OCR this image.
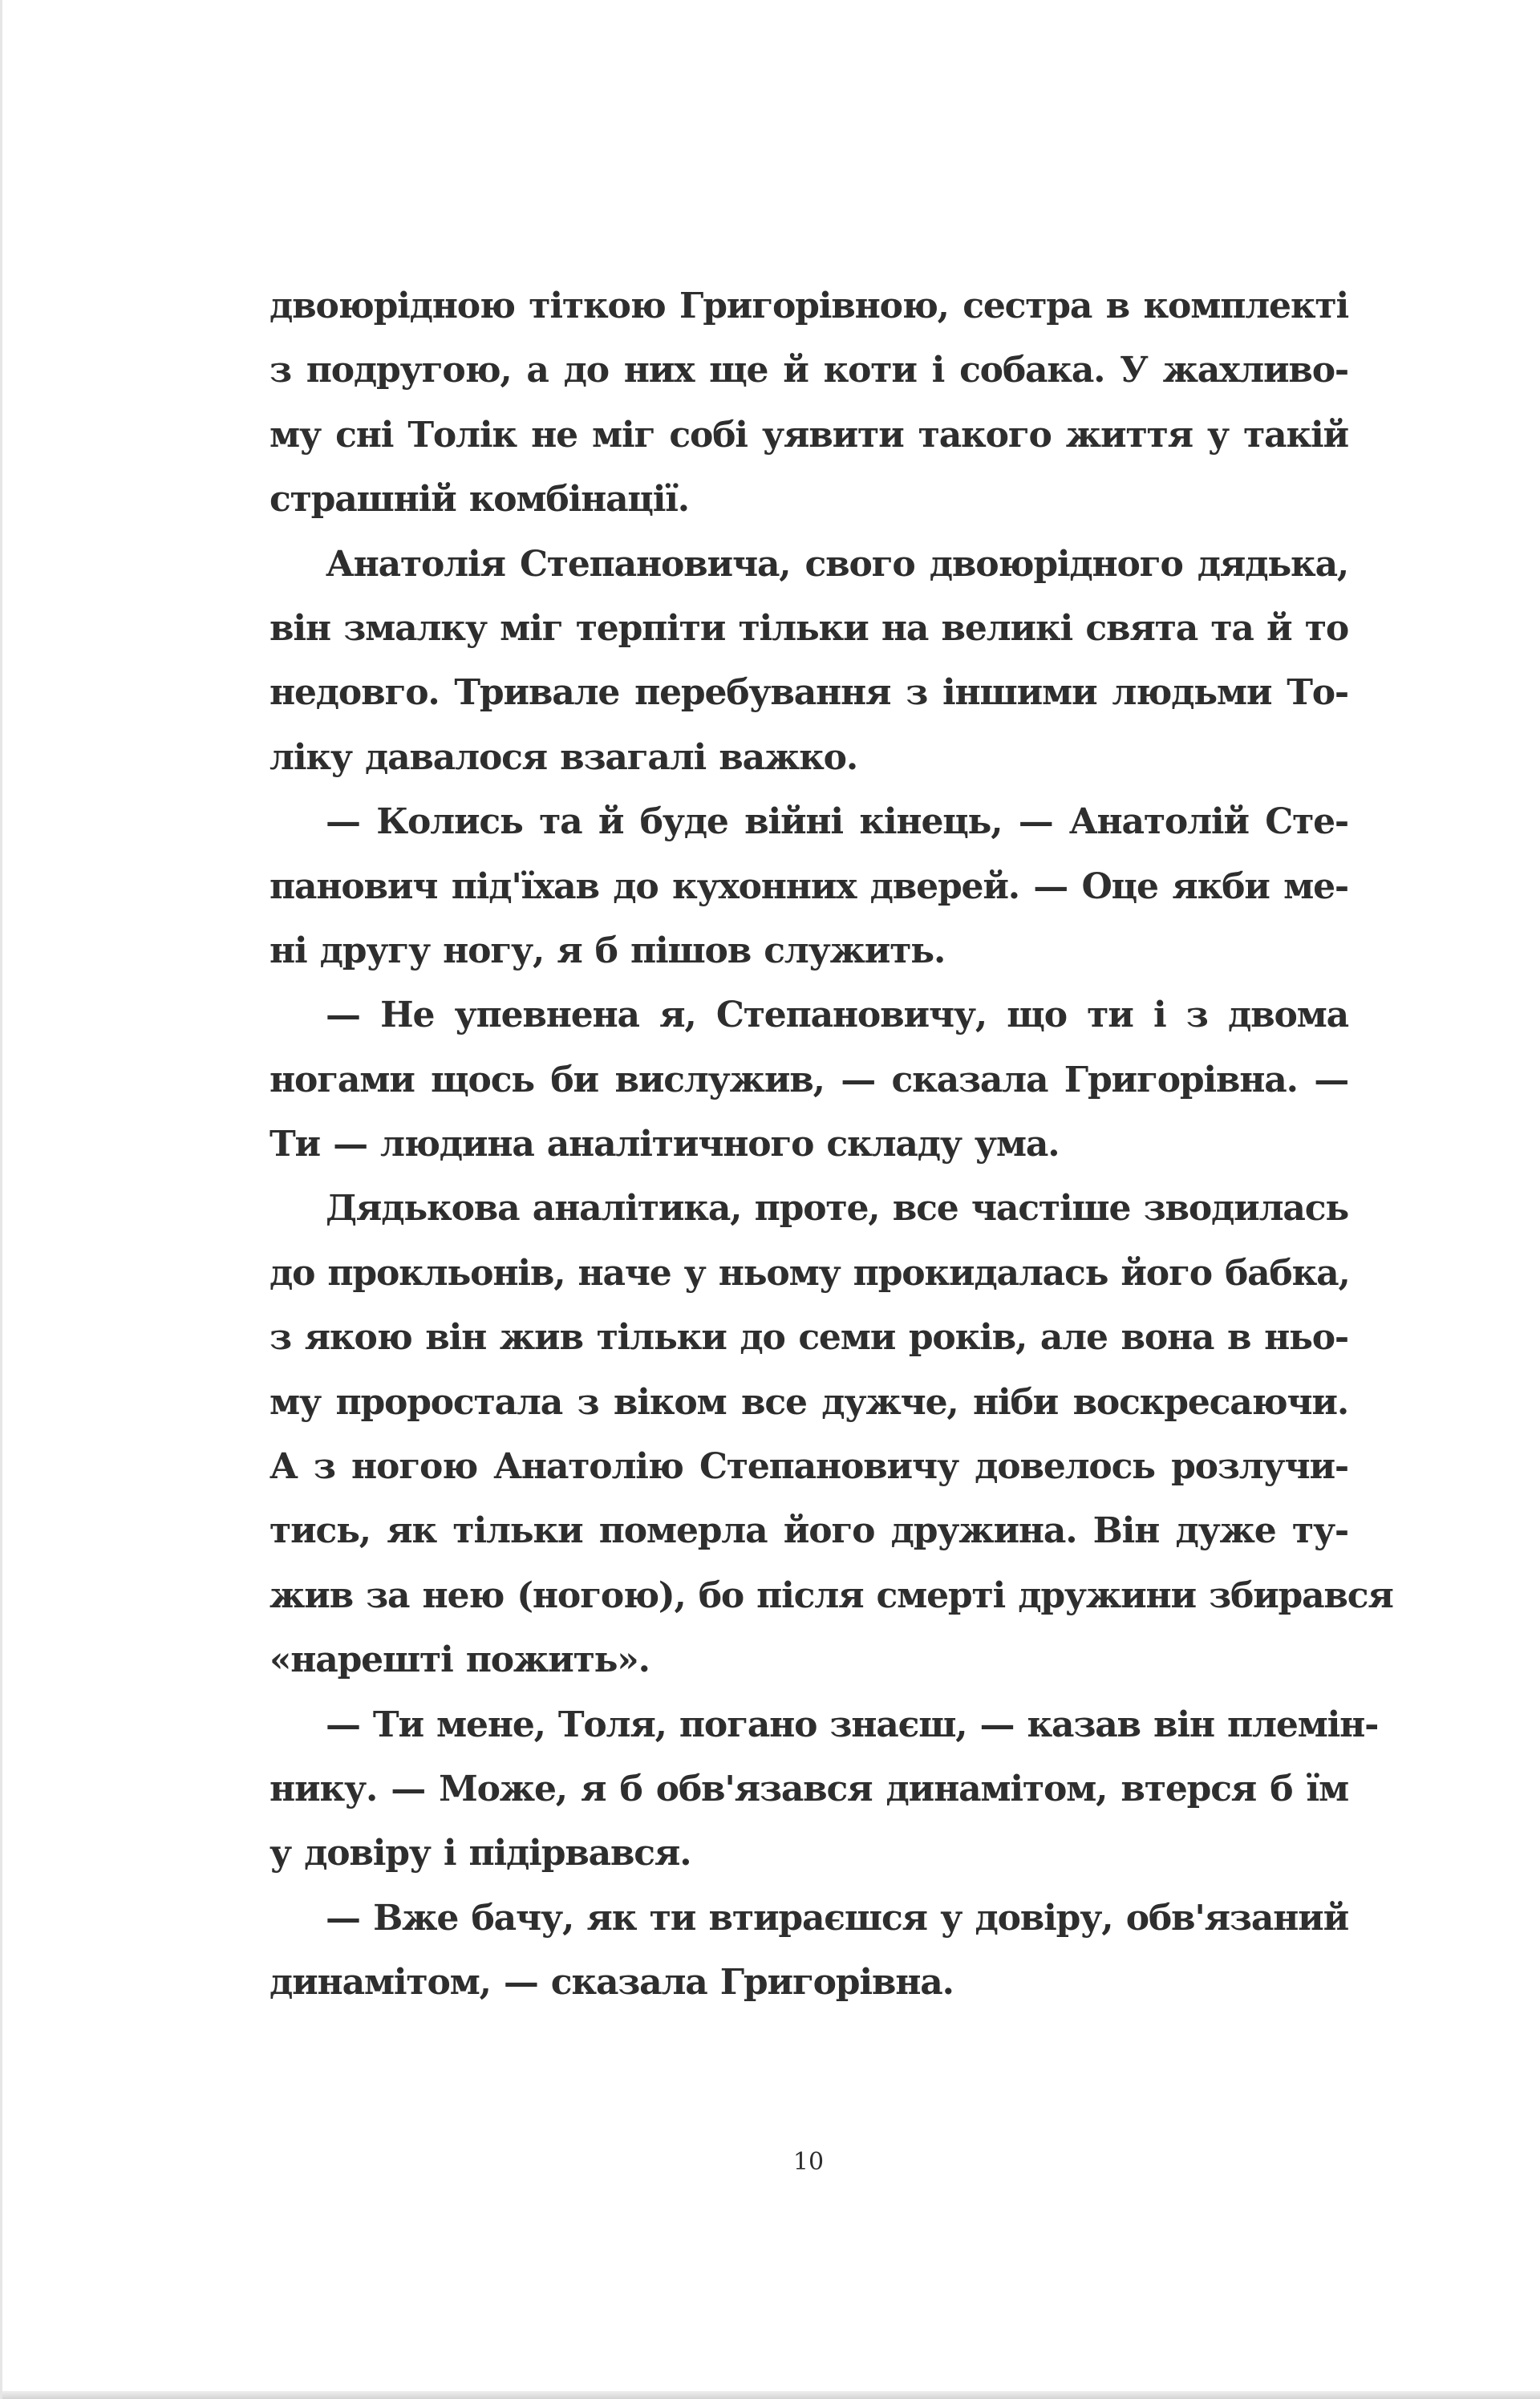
двоюрідною тіткою Григорівною, сестра в комплекті
з подругою, а до них ще й коти і собака. У жахливо-
му сні Толік не міг собі уявити такого життя у такій
страшній комбінації.

Анатолія Степановича, свого двоюрідного дядька,
він змалку міг терпіти тільки на великі свята та й то
недовго. Тривале перебування з іншими людьми То-
ліку давалося взагалі важко.

— Колись та й буде війні кінець, — Анатолій Сте-
панович під'їхав до кухонних дверей. — Оце якби ме-
ні другу ногу, я б пішов служить.

— Не упевнена я, Степановичу, що ти і з двома
ногами щось би вислужив, — сказала Григорівна. —
Ти — людина аналітичного складу ума.

Дядькова аналітика, проте, все частіше зводилась
до прокльонів, наче у ньому прокидалась його бабка,
з якою він жив тільки до семи років, але вона в ньо-
му проростала з віком все дужче, ніби воскресаючи.
А з ногою Анатолію Степановичу довелось розлучи-
тись, як тільки померла його дружина. Він дуже ту-
жив за нею (ногою), бо після смерті дружини збирався
«нарешті пожить».

— Ти мене, Толя, погано знаєш, — казав він племін-
нику. — Може, я б обв'язався динамітом, втерся б їм
у довіру і підірвався.

— Вже бачу, як ти втираєшся у довіру, обв'язаний
динамітом, — сказала Григорівна.

10
